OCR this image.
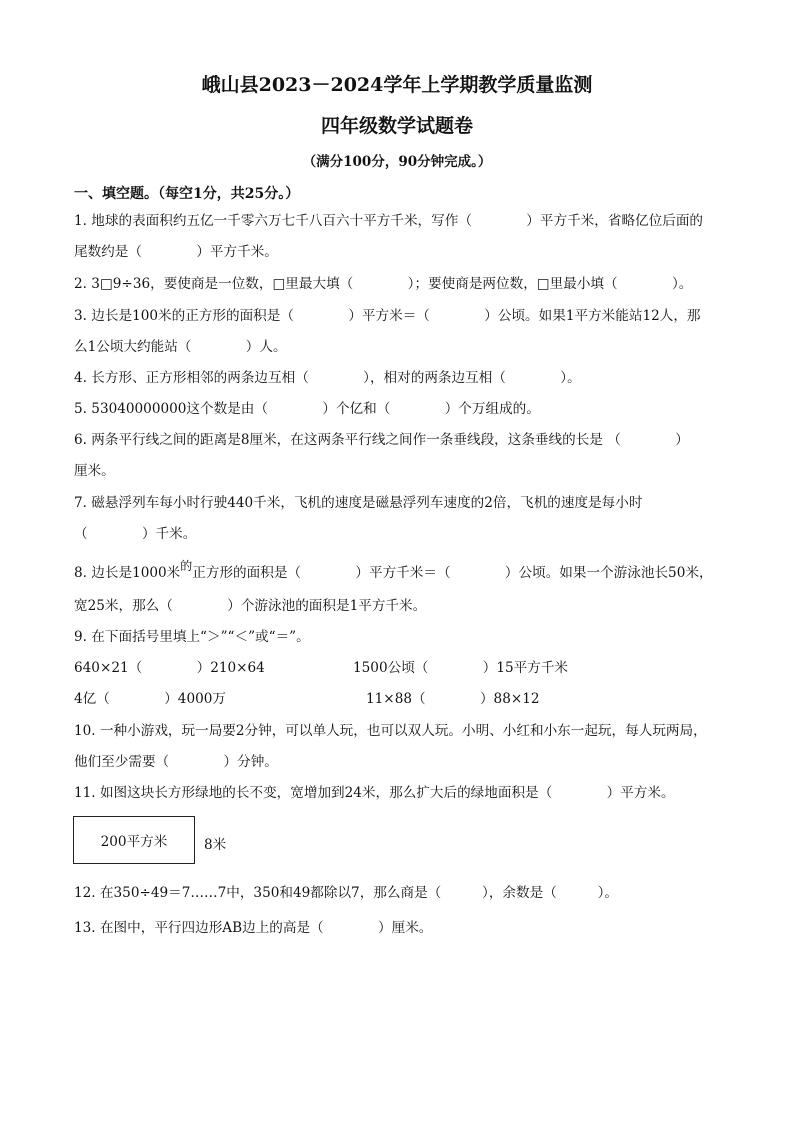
峨山县2023－2024学年上学期教学质量监测
四年级数学试题卷
（满分100分，90分钟完成。）
一、填空题。（每空1分，共25分。）
1. 地球的表面积约五亿一千零六万七千八百六十平方千米，写作（　　　　）平方千米，省略亿位后面的
尾数约是（　　　　）平方千米。
2. 3□9÷36，要使商是一位数，□里最大填（　　　　）；要使商是两位数，□里最小填（　　　　）。
3. 边长是100米的正方形的面积是（　　　　）平方米＝（　　　　）公顷。如果1平方米能站12人，那
么1公顷大约能站（　　　　）人。
4. 长方形、正方形相邻的两条边互相（　　　　），相对的两条边互相（　　　　）。
5. 53040000000这个数是由（　　　　）个亿和（　　　　）个万组成的。
6. 两条平行线之间的距离是8厘米，在这两条平行线之间作一条垂线段，这条垂线的长是 （　　　　）
厘米。
7. 磁悬浮列车每小时行驶440千米，飞机的速度是磁悬浮列车速度的2倍，飞机的速度是每小时
（　　　　）千米。
8. 边长是1000米的正方形的面积是（　　　　）平方千米＝（　　　　）公顷。如果一个游泳池长50米，
宽25米，那么（　　　　）个游泳池的面积是1平方千米。
9. 在下面括号里填上“＞”“＜”或“＝”。
640×21（　　　　）210×64	1500公顷（　　　　）15平方千米
4亿（　　　　）4000万	11×88（　　　　）88×12
10. 一种小游戏，玩一局要2分钟，可以单人玩，也可以双人玩。小明、小红和小东一起玩，每人玩两局，
他们至少需要（　　　　）分钟。
11. 如图这块长方形绿地的长不变，宽增加到24米，那么扩大后的绿地面积是（　　　　）平方米。
200平方米	8米
12. 在350÷49＝7……7中，350和49都除以7，那么商是（　　　），余数是（　　　）。
13. 在图中，平行四边形AB边上的高是（　　　　）厘米。
